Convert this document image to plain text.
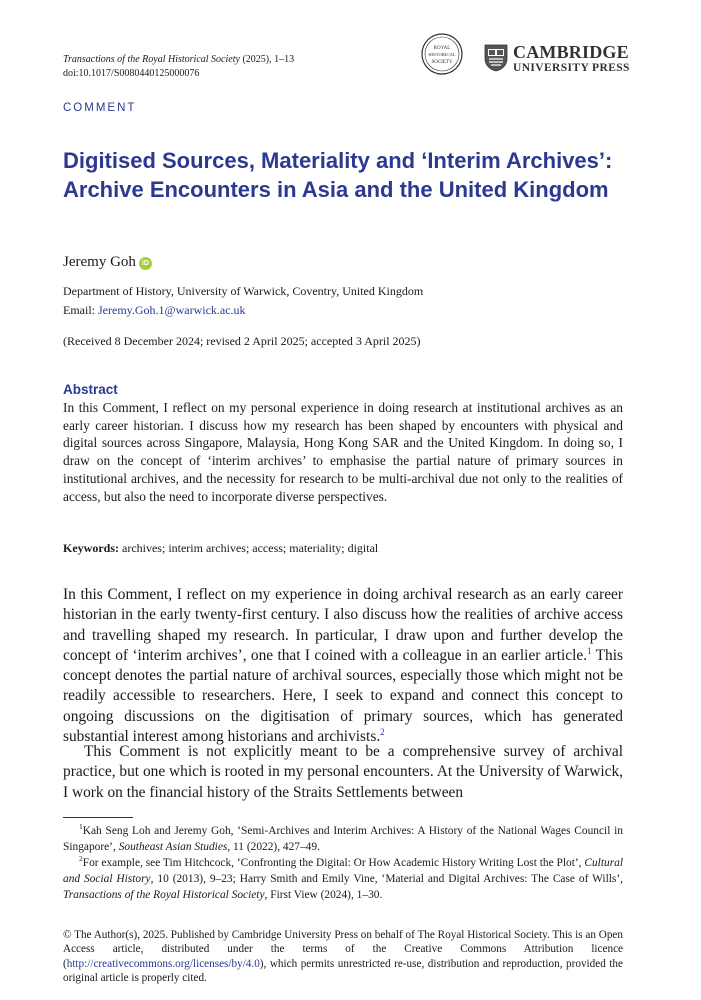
Transactions of the Royal Historical Society (2025), 1–13
doi:10.1017/S0080440125000076
ROYAL
HISTORICAL
SOCIETY
CAMBRIDGE
UNIVERSITY PRESS
COMMENT
Digitised Sources, Materiality and ‘Interim Archives’: Archive Encounters in Asia and the United Kingdom
Jeremy Goh iD
Department of History, University of Warwick, Coventry, United Kingdom
Email: Jeremy.Goh.1@warwick.ac.uk
(Received 8 December 2024; revised 2 April 2025; accepted 3 April 2025)
Abstract
In this Comment, I reflect on my personal experience in doing research at institutional archives as an early career historian. I discuss how my research has been shaped by encounters with physical and digital sources across Singapore, Malaysia, Hong Kong SAR and the United Kingdom. In doing so, I draw on the concept of ‘interim archives’ to emphasise the partial nature of primary sources in institutional archives, and the necessity for research to be multi-archival due not only to the realities of access, but also the need to incorporate diverse perspectives.
Keywords: archives; interim archives; access; materiality; digital

In this Comment, I reflect on my experience in doing archival research as an early career historian in the early twenty-first century. I also discuss how the realities of archive access and travelling shaped my research. In particular, I draw upon and further develop the concept of ‘interim archives’, one that I coined with a colleague in an earlier article.$^1$ This concept denotes the partial nature of archival sources, especially those which might not be readily accessible to researchers. Here, I seek to expand and connect this concept to ongoing discussions on the digitisation of primary sources, which has generated substantial interest among historians and archivists.$^2$

This Comment is not explicitly meant to be a comprehensive survey of archival practice, but one which is rooted in my personal encounters. At the University of Warwick, I work on the financial history of the Straits Settlements between

$^1$Kah Seng Loh and Jeremy Goh, ‘Semi-Archives and Interim Archives: A History of the National Wages Council in Singapore’, Southeast Asian Studies, 11 (2022), 427–49.
$^2$For example, see Tim Hitchcock, ‘Confronting the Digital: Or How Academic History Writing Lost the Plot’, Cultural and Social History, 10 (2013), 9–23; Harry Smith and Emily Vine, ‘Material and Digital Archives: The Case of Wills’, Transactions of the Royal Historical Society, First View (2024), 1–30.
© The Author(s), 2025. Published by Cambridge University Press on behalf of The Royal Historical Society. This is an Open Access article, distributed under the terms of the Creative Commons Attribution licence (http://creativecommons.org/licenses/by/4.0), which permits unrestricted re-use, distribution and reproduction, provided the original article is properly cited.
